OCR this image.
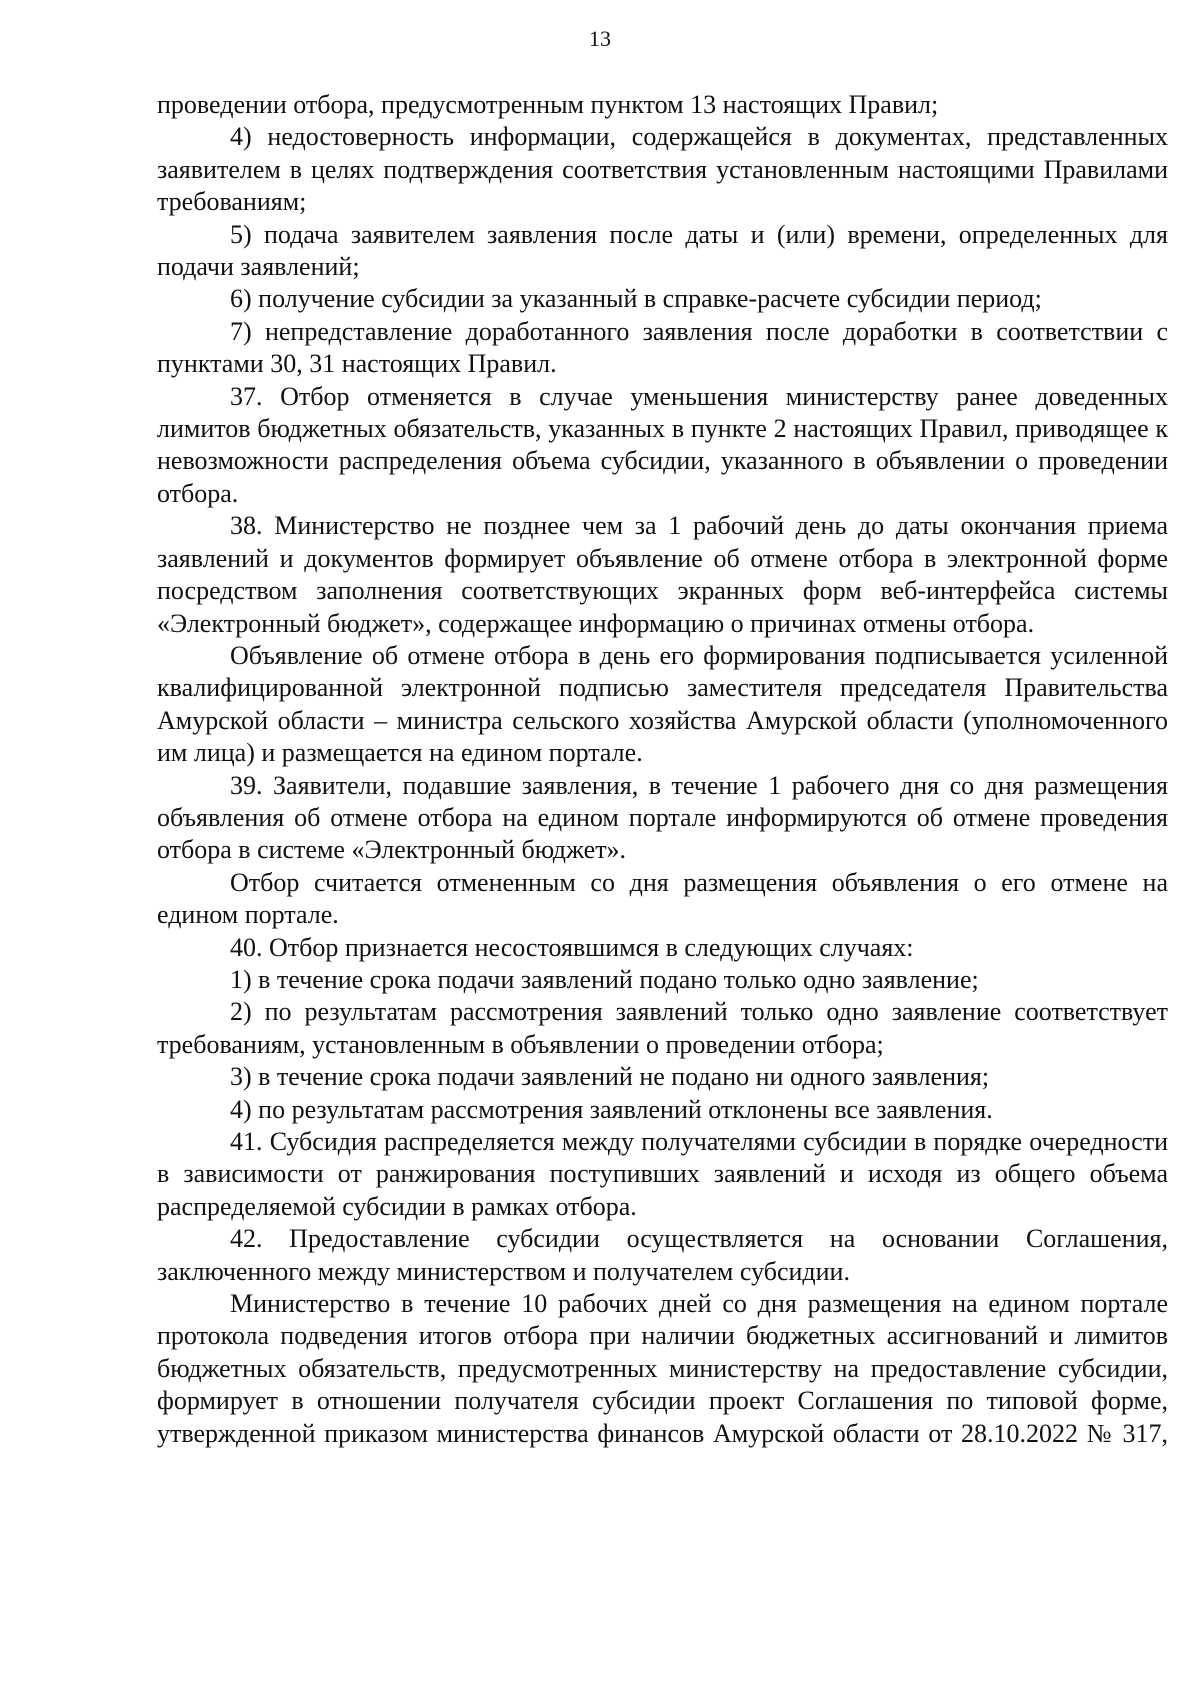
13

проведении отбора, предусмотренным пунктом 13 настоящих Правил;

4) недостоверность информации, содержащейся в документах, представленных заявителем в целях подтверждения соответствия установленным настоящими Правилами требованиям;

5) подача заявителем заявления после даты и (или) времени, определенных для подачи заявлений;

6) получение субсидии за указанный в справке-расчете субсидии период;

7) непредставление доработанного заявления после доработки в соответствии с пунктами 30, 31 настоящих Правил.

37. Отбор отменяется в случае уменьшения министерству ранее доведенных лимитов бюджетных обязательств, указанных в пункте 2 настоящих Правил, приводящее к невозможности распределения объема субсидии, указанного в объявлении о проведении отбора.

38. Министерство не позднее чем за 1 рабочий день до даты окончания приема заявлений и документов формирует объявление об отмене отбора в электронной форме посредством заполнения соответствующих экранных форм веб-интерфейса системы «Электронный бюджет», содержащее информацию о причинах отмены отбора.

Объявление об отмене отбора в день его формирования подписывается усиленной квалифицированной электронной подписью заместителя председателя Правительства Амурской области – министра сельского хозяйства Амурской области (уполномоченного им лица) и размещается на едином портале.

39. Заявители, подавшие заявления, в течение 1 рабочего дня со дня размещения объявления об отмене отбора на едином портале информируются об отмене проведения отбора в системе «Электронный бюджет».

Отбор считается отмененным со дня размещения объявления о его отмене на едином портале.

40. Отбор признается несостоявшимся в следующих случаях:

1) в течение срока подачи заявлений подано только одно заявление;

2) по результатам рассмотрения заявлений только одно заявление соответствует требованиям, установленным в объявлении о проведении отбора;

3) в течение срока подачи заявлений не подано ни одного заявления;

4) по результатам рассмотрения заявлений отклонены все заявления.

41. Субсидия распределяется между получателями субсидии в порядке очередности в зависимости от ранжирования поступивших заявлений и исходя из общего объема распределяемой субсидии в рамках отбора.

42. Предоставление субсидии осуществляется на основании Соглашения, заключенного между министерством и получателем субсидии.

Министерство в течение 10 рабочих дней со дня размещения на едином портале протокола подведения итогов отбора при наличии бюджетных ассигнований и лимитов бюджетных обязательств, предусмотренных министерству на предоставление субсидии, формирует в отношении получателя субсидии проект Соглашения по типовой форме, утвержденной приказом министерства финансов Амурской области от 28.10.2022 № 317,
